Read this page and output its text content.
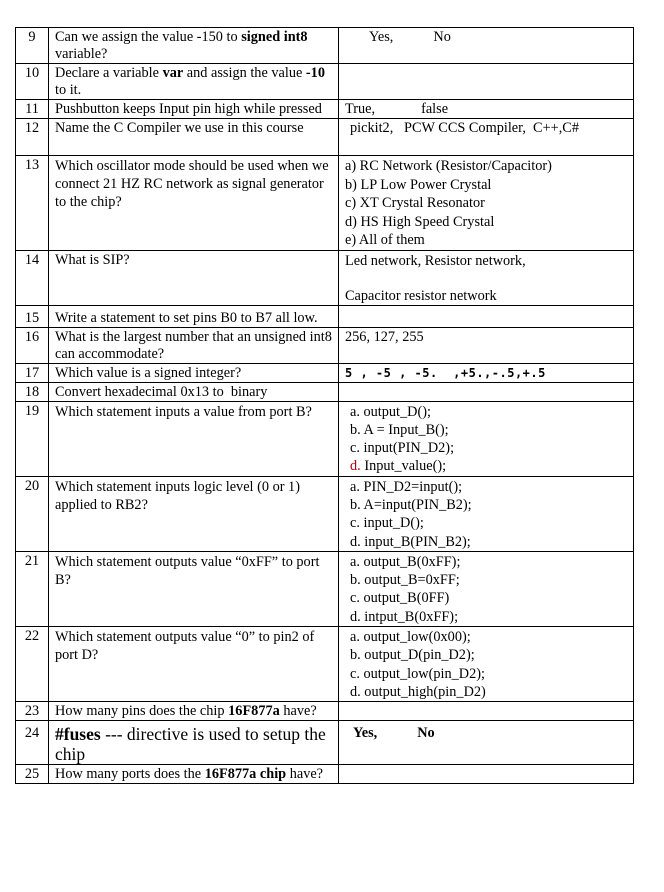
9	Can we assign the value -150 to signed int8 variable?	Yes, No
10	Declare a variable var and assign the value -10 to it.	
11	Pushbutton keeps Input pin high while pressed	True, false
12	Name the C Compiler we use in this course	pickit2,   PCW CCS Compiler,  C++,C#
13	Which oscillator mode should be used when we connect 21 HZ RC network as signal generator to the chip?	a) RC Network (Resistor/Capacitor)
b) LP Low Power Crystal
c) XT Crystal Resonator
d) HS High Speed Crystal
e) All of them

14	What is SIP?	Led network, Resistor network,
Capacitor resistor network

15	Write a statement to set pins B0 to B7 all low.	
16	What is the largest number that an unsigned int8 can accommodate?	256, 127, 255
17	Which value is a signed integer?	5 , -5 , -5.  ,+5.,-.5,+.5
18	Convert hexadecimal 0x13 to  binary	
19	Which statement inputs a value from port B?	a. output_D();
b. A = Input_B();
c. input(PIN_D2);
d. Input_value();

20	Which statement inputs logic level (0 or 1) applied to RB2?	a. PIN_D2=input();
b. A=input(PIN_B2);
c. input_D();
d. input_B(PIN_B2);

21	Which statement outputs value “0xFF” to port B?	a. output_B(0xFF);
b. output_B=0xFF;
c. output_B(0FF)
d. intput_B(0xFF);

22	Which statement outputs value “0” to pin2 of port D?	a. output_low(0x00);
b. output_D(pin_D2);
c. output_low(pin_D2);
d. output_high(pin_D2)

23	How many pins does the chip 16F877a have?	
24	#fuses --- directive is used to setup the chip	Yes, No
25	How many ports does the 16F877a chip have?	
